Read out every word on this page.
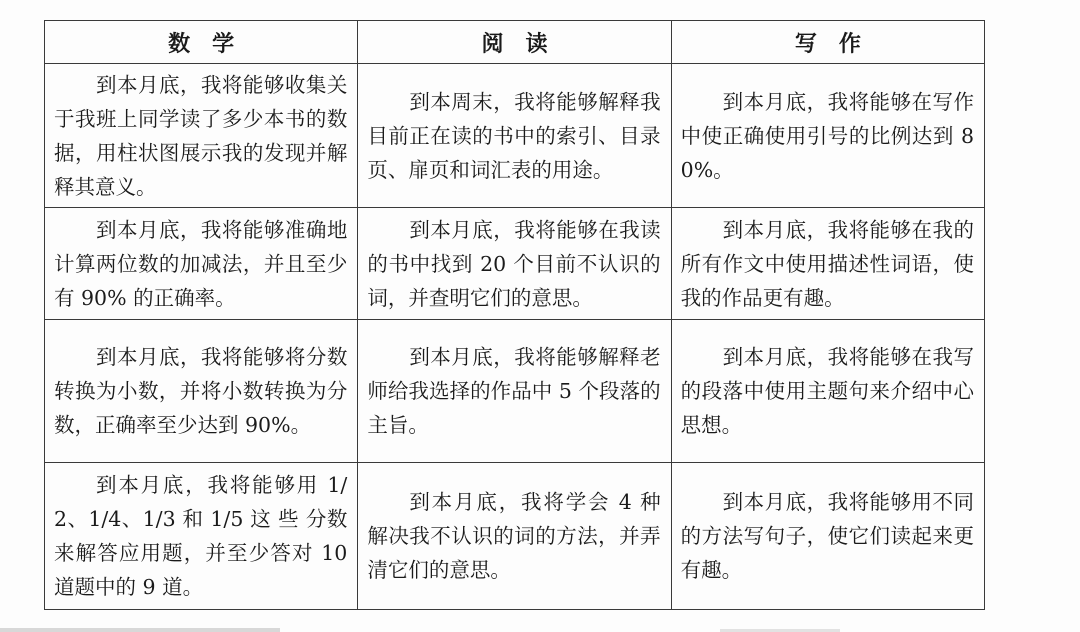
数　学	阅　读	写　作
到本月底，我将能够收集关于我班上同学读了多少本书的数据，用柱状图展示我的发现并解释其意义。	到本周末，我将能够解释我目前正在读的书中的索引、目录页、扉页和词汇表的用途。	到本月底，我将能够在写作中使正确使用引号的比例达到 80%。
到本月底，我将能够准确地计算两位数的加减法，并且至少有 90% 的正确率。	到本月底，我将能够在我读的书中找到 20 个目前不认识的词，并查明它们的意思。	到本月底，我将能够在我的所有作文中使用描述性词语，使我的作品更有趣。
到本月底，我将能够将分数转换为小数，并将小数转换为分数，正确率至少达到 90%。	到本月底，我将能够解释老师给我选择的作品中 5 个段落的主旨。	到本月底，我将能够在我写的段落中使用主题句来介绍中心思想。
到本月底，我将能够用 1/2、1/4、1/3 和 1/5 这 些 分数来解答应用题，并至少答对 10 道题中的 9 道。	到本月底，我将学会 4 种解决我不认识的词的方法，并弄清它们的意思。	到本月底，我将能够用不同的方法写句子，使它们读起来更有趣。
